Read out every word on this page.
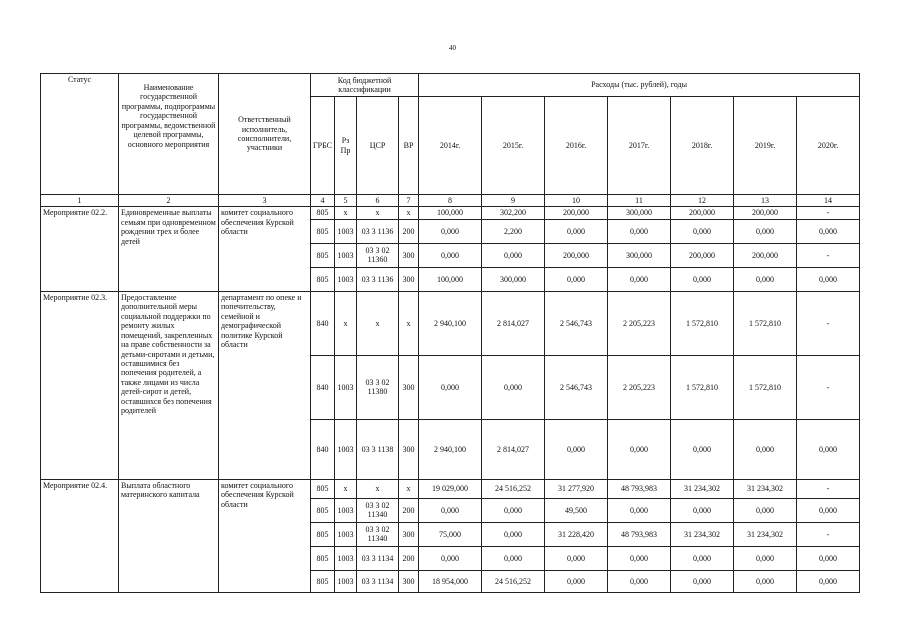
40
Статус	Наименование государственной программы, подпрограммы государственной программы, ведомственной целевой программы, основного мероприятия	Ответственный исполнитель, соисполнители, участники	Код бюджетной классификации				Расходы (тыс. рублей), годы						
			ГРБС	Рз Пр	ЦСР	ВР	2014г.	2015г.	2016г.	2017г.	2018г.	2019г.	2020г.
1	2	3	4	5	6	7	8	9	10	11	12	13	14
Мероприятие 02.2.	Единовременные выплаты семьям при одновременном рождении трех и более детей	комитет социального обеспечения Курской области	805	х	х	х	100,000	302,200	200,000	300,000	200,000	200,000	-
			805	1003	03 3 1136	200	0,000	2,200	0,000	0,000	0,000	0,000	0,000
			805	1003	03 3 02 11360	300	0,000	0,000	200,000	300,000	200,000	200,000	-
			805	1003	03 3 1136	300	100,000	300,000	0,000	0,000	0,000	0,000	0,000
Мероприятие 02.3.	Предоставление дополнительной меры социальной поддержки по ремонту жилых помещений, закрепленных на праве собственности за детьми-сиротами и детьми, оставшимися без попечения родителей, а также лицами из числа детей-сирот и детей, оставшихся без попечения родителей	департамент по опеке и попечительству, семейной и демографической политике Курской области	840	х	х	х	2 940,100	2 814,027	2 546,743	2 205,223	1 572,810	1 572,810	-
			840	1003	03 3 02 11380	300	0,000	0,000	2 546,743	2 205,223	1 572,810	1 572,810	-
			840	1003	03 3 1138	300	2 940,100	2 814,027	0,000	0,000	0,000	0,000	0,000
Мероприятие 02.4.	Выплата областного материнского капитала	комитет социального обеспечения Курской области	805	х	х	х	19 029,000	24 516,252	31 277,920	48 793,983	31 234,302	31 234,302	-
			805	1003	03 3 02 11340	200	0,000	0,000	49,500	0,000	0,000	0,000	0,000
			805	1003	03 3 02 11340	300	75,000	0,000	31 228,420	48 793,983	31 234,302	31 234,302	-
			805	1003	03 3 1134	200	0,000	0,000	0,000	0,000	0,000	0,000	0,000
			805	1003	03 3 1134	300	18 954,000	24 516,252	0,000	0,000	0,000	0,000	0,000
